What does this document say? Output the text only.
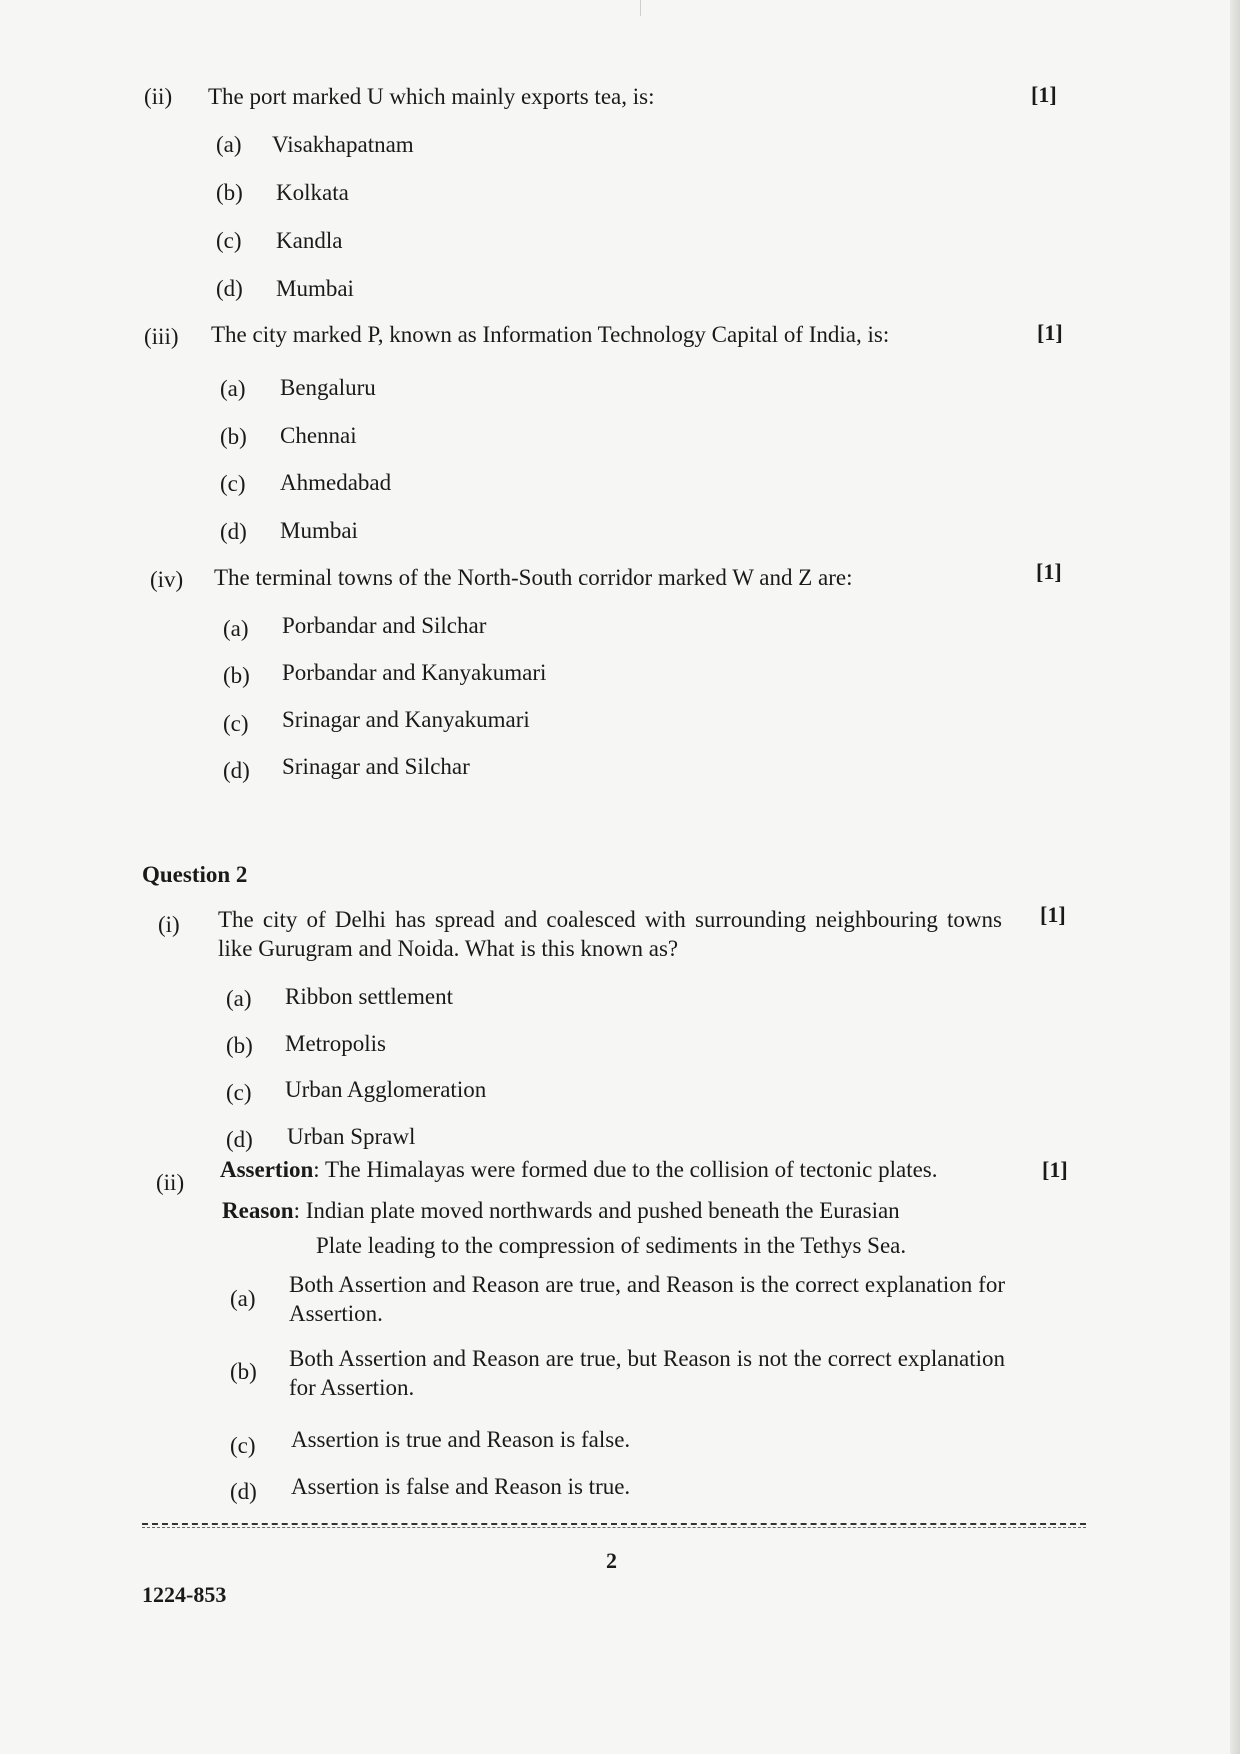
(ii) The port marked U which mainly exports tea, is:	[1]
(a) Visakhapatnam
(b) Kolkata
(c) Kandla
(d) Mumbai
(iii) The city marked P, known as Information Technology Capital of India, is:	[1]
(a) Bengaluru
(b) Chennai
(c) Ahmedabad
(d) Mumbai
(iv) The terminal towns of the North-South corridor marked W and Z are:	[1]
(a) Porbandar and Silchar
(b) Porbandar and Kanyakumari
(c) Srinagar and Kanyakumari
(d) Srinagar and Silchar
Question 2
(i) The city of Delhi has spread and coalesced with surrounding neighbouring towns like Gurugram and Noida. What is this known as?
[1]
(a) Ribbon settlement
(b) Metropolis
(c) Urban Agglomeration
(d) Urban Sprawl
(ii)
Assertion: The Himalayas were formed due to the collision of tectonic plates.	[1]
Reason: Indian plate moved northwards and pushed beneath the Eurasian
Plate leading to the compression of sediments in the Tethys Sea.
(a)
Both Assertion and Reason are true, and Reason is the correct explanation for Assertion.
(b)
Both Assertion and Reason are true, but Reason is not the correct explanation for Assertion.
(c) Assertion is true and Reason is false.
(d) Assertion is false and Reason is true.
2
1224-853
